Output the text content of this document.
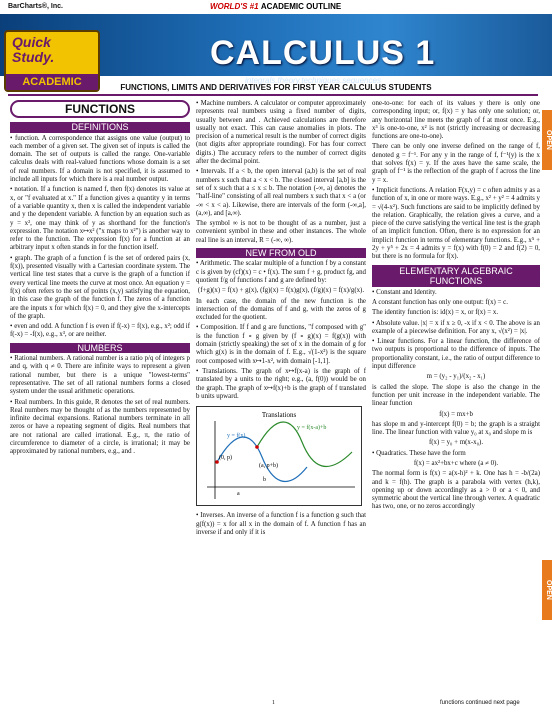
BarCharts®, Inc.	WORLD'S #1 ACADEMIC OUTLINE
Quick
Study.
ACADEMIC
CALCULUS 1
integrals.theory.techniques.sequences
FUNCTIONS, LIMITS AND DERIVATIVES FOR FIRST YEAR CALCULUS STUDENTS
FUNCTIONS
DEFINITIONS

• function. A correspondence that assigns one value (output) to each member of a given set. The given set of inputs is called the domain. The set of outputs is called the range. One-variable calculus deals with real-valued functions whose domain is a set of real numbers. If a domain is not specified, it is assumed to include all inputs for which there is a real number output.

• notation. If a function is named f, then f(x) denotes its value at x, or "f evaluated at x." If a function gives a quantity y in terms of a variable quantity x, then x is called the independent variable and y the dependent variable. A function by an equation such as y = x², one may think of y as shorthand for the function's expression. The notation x↦x² ("x maps to x²") is another way to refer to the function. The expression f(x) for a function at an arbitrary input x often stands in for the function itself.

• graph. The graph of a function f is the set of ordered pairs (x, f(x)), presented visually with a Cartesian coordinate system. The vertical line test states that a curve is the graph of a function if every vertical line meets the curve at most once. An equation y = f(x) often refers to the set of points (x,y) satisfying the equation, in this case the graph of the function f. The zeros of a function are the inputs x for which f(x) = 0, and they give the x-intercepts of the graph.

• even and odd. A function f is even if f(-x) = f(x), e.g., x²; odd if f(-x) = -f(x), e.g., x³, or are neither.

NUMBERS

• Rational numbers. A rational number is a ratio p/q of integers p and q, with q ≠ 0. There are infinite ways to represent a given rational number, but there is a unique "lowest-terms" representative. The set of all rational numbers forms a closed system under the usual arithmetic operations.

• Real numbers. In this guide, R denotes the set of real numbers. Real numbers may be thought of as the numbers represented by infinite decimal expansions. Rational numbers terminate in all zeros or have a repeating segment of digits. Real numbers that are not rational are called irrational. E.g., π, the ratio of circumference to diameter of a circle, is irrational; it may be approximated by rational numbers, e.g., and .

• Machine numbers. A calculator or computer approximately represents real numbers using a fixed number of digits, usually between and . Achieved calculations are therefore usually not exact. This can cause anomalies in plots. The precision of a numerical result is the number of correct digits (not digits after appropriate rounding). For has four correct digits.) The accuracy refers to the number of correct digits after the decimal point.

• Intervals. If a < b, the open interval (a,b) is the set of real numbers x such that a < x < b. The closed interval [a,b] is the set of x such that a ≤ x ≤ b. The notation (-∞, a) denotes the "half-line" consisting of all real numbers x such that x < a (or -∞ < x < a). Likewise, there are intervals of the form (-∞,a], (a,∞), and [a,∞).

The symbol ∞ is not to be thought of as a number, just a convenient symbol in these and other instances. The whole real line is an interval, R = (-∞, ∞).

NEW FROM OLD

• Arithmetic. The scalar multiple of a function f by a constant c is given by (cf)(x) = c • f(x). The sum f + g, product fg, and quotient f/g of functions f and g are defined by:

(f+g)(x) = f(x) + g(x), (fg)(x) = f(x)g(x), (f/g)(x) = f(x)/g(x).

In each case, the domain of the new function is the intersection of the domains of f and g, with the zeros of g excluded for the quotient.

• Composition. If f and g are functions, "f composed with g" is the function f ∘ g given by (f ∘ g)(x) = f(g(x)) with domain (strictly speaking) the set of x in the domain of g for which g(x) is in the domain of f. E.g., √(1-x²) is the square root composed with x↦1-x², with domain [-1,1].

• Translations. The graph of x↦f(x-a) is the graph of f translated by a units to the right; e.g., (a, f(0)) would be on the graph. The graph of x↦f(x)+b is the graph of f translated b units upward.

Translations
(0, p)
(a, p+b)
y = f(x)
y = f(x-a)+b
a
b

• Inverses. An inverse of a function f is a function g such that g(f(x)) = x for all x in the domain of f. A function f has an inverse if and only if it is

one-to-one: for each of its values y there is only one corresponding input; or, f(x) = y has only one solution; or, any horizontal line meets the graph of f at most once. E.g., x³ is one-to-one, x² is not (strictly increasing or decreasing functions are one-to-one).

There can be only one inverse defined on the range of f, denoted g = f⁻¹. For any y in the range of f, f⁻¹(y) is the x that solves f(x) = y. If the axes have the same scale, the graph of f⁻¹ is the reflection of the graph of f across the line y = x.

• Implicit functions. A relation F(x,y) = c often admits y as a function of x, in one or more ways. E.g., x² + y² = 4 admits y = √(4-x²). Such functions are said to be implicitly defined by the relation. Graphically, the relation gives a curve, and a piece of the curve satisfying the vertical line test is the graph of an implicit function. Often, there is no expression for an implicit function in terms of elementary functions. E.g., x⁵ + 2y + y⁵ + 2x = 4 admits y = f(x) with f(0) = 2 and f(2) = 0, but there is no formula for f(x).

ELEMENTARY ALGEBRAIC FUNCTIONS

• Constant and Identity.

A constant function has only one output: f(x) = c.

The identity function is: id(x) = x, or f(x) = x.

• Absolute value. |x| = x if x ≥ 0, -x if x < 0. The above is an example of a piecewise definition. For any x, √(x²) = |x|.

• Linear functions. For a linear function, the difference of two outputs is proportional to the difference of inputs. The proportionality constant, i.e., the ratio of output difference to input difference

m = (y₂ - y₁)/(x₂ - x₁)

is called the slope. The slope is also the change in the function per unit increase in the independent variable. The linear function

f(x) = mx+b

has slope m and y-intercept f(0) = b; the graph is a straight line. The linear function with value y₀ at x₀ and slope m is

f(x) = y₀ + m(x-x₀).

• Quadratics. These have the form

f(x) = ax²+bx+c where (a ≠ 0).

The normal form is f(x) = a(x-h)² + k. One has h = -b/(2a) and k = f(h). The graph is a parabola with vertex (h,k), opening up or down accordingly as a > 0 or a < 0, and symmetric about the vertical line through vertex. A quadratic has two, one, or no zeros accordingly

OPEN
OPEN
1	functions continued next page
